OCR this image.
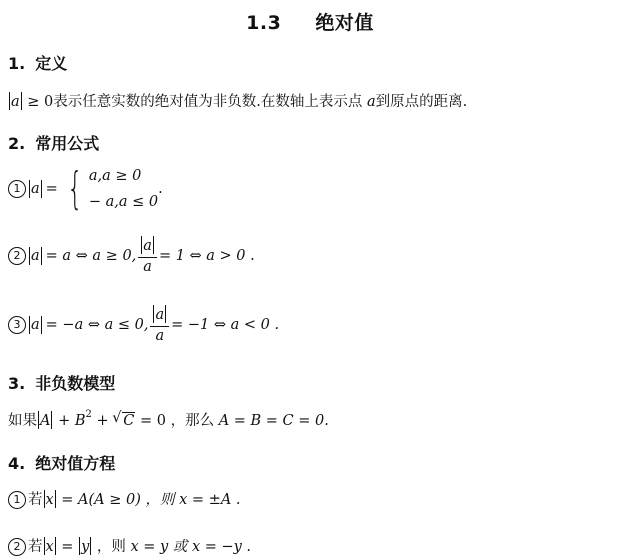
1.3 绝对值
1. 定义
a ≥ 0表示任意实数的绝对值为非负数.在数轴上表示点 a到原点的距离.
2. 常用公式
1 a = { a,a ≥ 0
− a,a ≤ 0
.
2 a = a ⇔ a ≥ 0, $\frac{a}{a} = 1$ ⇔ a > 0 .
3 a = −a ⇔ a ≤ 0, $\frac{a}{a} = -1$ ⇔ a < 0 .
3. 非负数模型
如果 $A + B^2$ + √ C = 0 ，那么 A = B = C = 0.
4. 绝对值方程
1 若 x = A(A ≥ 0) ，则 x = ±A .
2 若 x = y ，则 x = y 或 x = −y .
